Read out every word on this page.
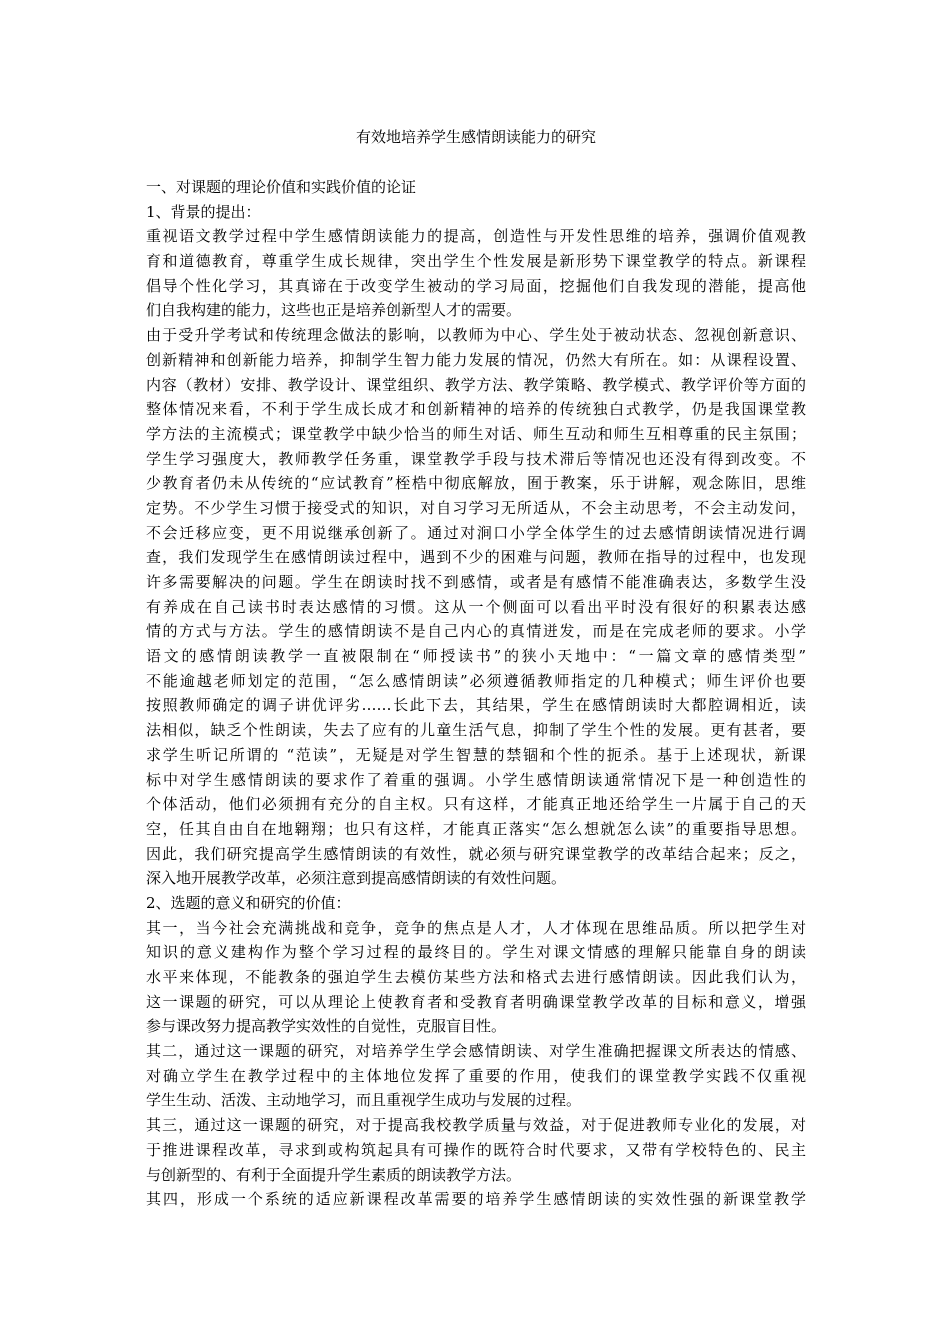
有效地培养学生感情朗读能力的研究
一、对课题的理论价值和实践价值的论证
1、背景的提出：
重视语文教学过程中学生感情朗读能力的提高，创造性与开发性思维的培养，强调价值观教
育和道德教育，尊重学生成长规律，突出学生个性发展是新形势下课堂教学的特点。新课程
倡导个性化学习，其真谛在于改变学生被动的学习局面，挖掘他们自我发现的潜能，提高他
们自我构建的能力，这些也正是培养创新型人才的需要。
由于受升学考试和传统理念做法的影响，以教师为中心、学生处于被动状态、忽视创新意识、
创新精神和创新能力培养，抑制学生智力能力发展的情况，仍然大有所在。如：从课程设置、
内容（教材）安排、教学设计、课堂组织、教学方法、教学策略、教学模式、教学评价等方面的
整体情况来看，不利于学生成长成才和创新精神的培养的传统独白式教学，仍是我国课堂教
学方法的主流模式；课堂教学中缺少恰当的师生对话、师生互动和师生互相尊重的民主氛围；
学生学习强度大，教师教学任务重，课堂教学手段与技术滞后等情况也还没有得到改变。不
少教育者仍未从传统的“应试教育”桎梏中彻底解放，囿于教案，乐于讲解，观念陈旧，思维
定势。不少学生习惯于接受式的知识，对自习学习无所适从，不会主动思考，不会主动发问，
不会迁移应变，更不用说继承创新了。通过对涧口小学全体学生的过去感情朗读情况进行调
查，我们发现学生在感情朗读过程中，遇到不少的困难与问题，教师在指导的过程中，也发现
许多需要解决的问题。学生在朗读时找不到感情，或者是有感情不能准确表达，多数学生没
有养成在自己读书时表达感情的习惯。这从一个侧面可以看出平时没有很好的积累表达感
情的方式与方法。学生的感情朗读不是自己内心的真情迸发，而是在完成老师的要求。小学
语文的感情朗读教学一直被限制在“师授读书”的狭小天地中：“一篇文章的感情类型”
不能逾越老师划定的范围，“怎么感情朗读”必须遵循教师指定的几种模式；师生评价也要
按照教师确定的调子讲优评劣……长此下去，其结果，学生在感情朗读时大都腔调相近，读
法相似，缺乏个性朗读，失去了应有的儿童生活气息，抑制了学生个性的发展。更有甚者，要
求学生听记所谓的 “范读”，无疑是对学生智慧的禁锢和个性的扼杀。基于上述现状，新课
标中对学生感情朗读的要求作了着重的强调。小学生感情朗读通常情况下是一种创造性的
个体活动，他们必须拥有充分的自主权。只有这样，才能真正地还给学生一片属于自己的天
空，任其自由自在地翱翔；也只有这样，才能真正落实“怎么想就怎么读”的重要指导思想。
因此，我们研究提高学生感情朗读的有效性，就必须与研究课堂教学的改革结合起来；反之，
深入地开展教学改革，必须注意到提高感情朗读的有效性问题。
2、选题的意义和研究的价值：
其一，当今社会充满挑战和竞争，竞争的焦点是人才，人才体现在思维品质。所以把学生对
知识的意义建构作为整个学习过程的最终目的。学生对课文情感的理解只能靠自身的朗读
水平来体现，不能教条的强迫学生去模仿某些方法和格式去进行感情朗读。因此我们认为，
这一课题的研究，可以从理论上使教育者和受教育者明确课堂教学改革的目标和意义，增强
参与课改努力提高教学实效性的自觉性，克服盲目性。
其二，通过这一课题的研究，对培养学生学会感情朗读、对学生准确把握课文所表达的情感、
对确立学生在教学过程中的主体地位发挥了重要的作用，使我们的课堂教学实践不仅重视
学生生动、活泼、主动地学习，而且重视学生成功与发展的过程。
其三，通过这一课题的研究，对于提高我校教学质量与效益，对于促进教师专业化的发展，对
于推进课程改革，寻求到或构筑起具有可操作的既符合时代要求，又带有学校特色的、民主
与创新型的、有利于全面提升学生素质的朗读教学方法。
其四，形成一个系统的适应新课程改革需要的培养学生感情朗读的实效性强的新课堂教学
